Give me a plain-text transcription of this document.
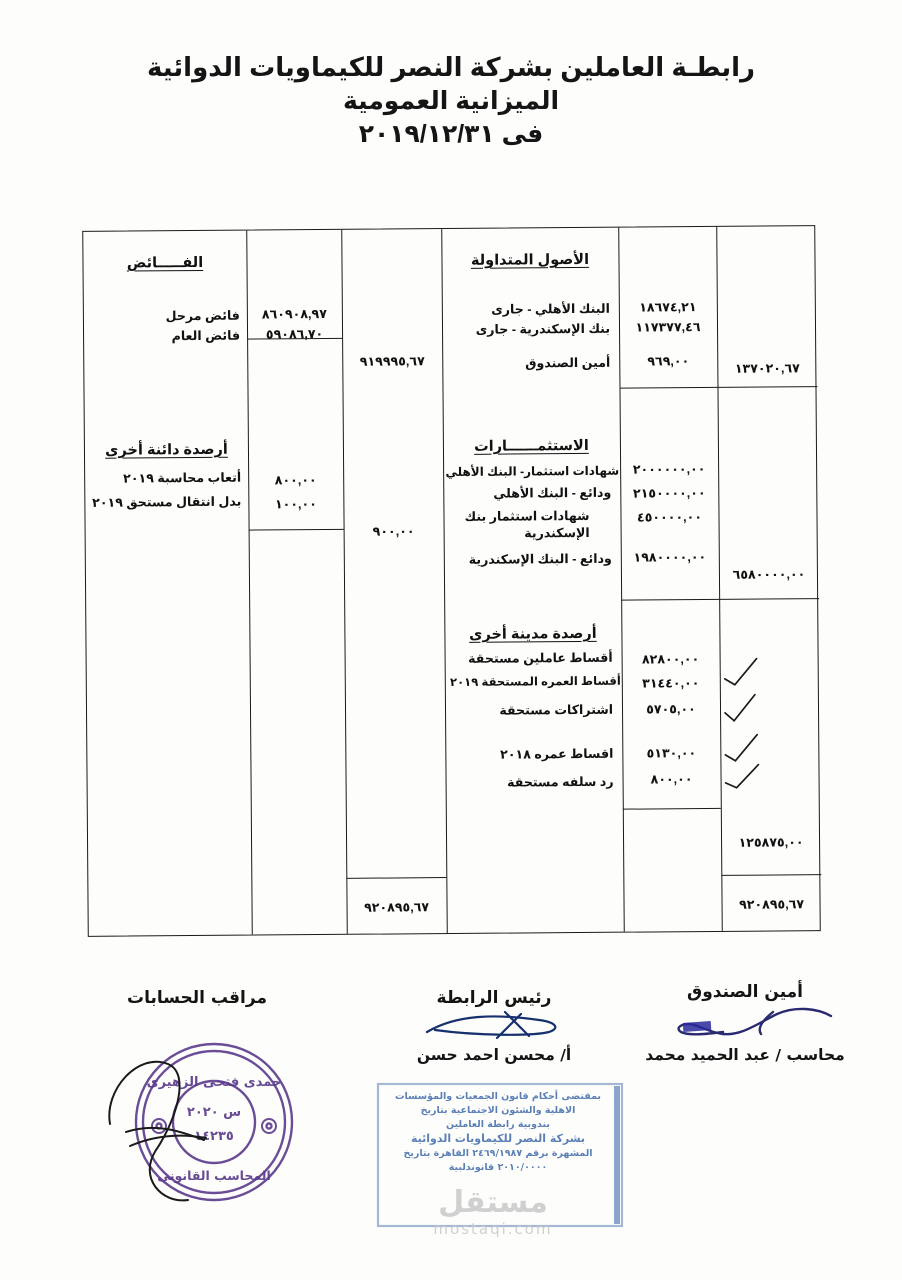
رابطـة العاملين بشركة النصر للكيماويات الدوائية
الميزانية العمومية
فى ٢٠١٩/١٢/٣١
الأصول المتداولة
البنك الأهلي - جارى
بنك الإسكندرية - جارى
أمين الصندوق
١٨٦٧٤,٢١
١١٧٣٧٧,٤٦
٩٦٩,٠٠	١٣٧٠٢٠,٦٧
الاستثمــــــارات
شهادات استثمار- البنك الأهلي
ودائع - البنك الأهلي
شهادات استثمار بنك الإسكندرية
ودائع - البنك الإسكندرية
٢٠٠٠٠٠٠,٠٠
٢١٥٠٠٠٠,٠٠
٤٥٠٠٠٠,٠٠
١٩٨٠٠٠٠,٠٠
٦٥٨٠٠٠٠,٠٠
أرصدة مدينة أخرى
أقساط عاملين مستحقة
أقساط العمره المستحقة ٢٠١٩
اشتراكات مستحقة
اقساط عمره ٢٠١٨
رد سلفه مستحقة
٨٢٨٠٠,٠٠
٣١٤٤٠,٠٠
٥٧٠٥,٠٠
٥١٣٠,٠٠
٨٠٠,٠٠
١٢٥٨٧٥,٠٠
الفـــــائض
فائض مرحل
فائض العام
٨٦٠٩٠٨,٩٧
٥٩٠٨٦,٧٠
٩١٩٩٩٥,٦٧
أرصدة دائنة أخرى
أتعاب محاسبة ٢٠١٩
بدل انتقال مستحق ٢٠١٩
٨٠٠,٠٠
١٠٠,٠٠
٩٠٠,٠٠
٩٢٠٨٩٥,٦٧	٩٢٠٨٩٥,٦٧
مراقب الحسابات
حمدى فتحى الزهيرى
س ٢٠٢٠
١٤٢٣٥
المحاسب القانونى
رئيس الرابطة
أ/ محسن احمد حسن
بمقتضى أحكام قانون الجمعيات والمؤسسات
الاهلية والشئون الاجتماعية بتاريخ
بندوبية رابطة العاملين
بشركة النصر للكيماويات الدوائية
المشهرة برقم ٢٤٦٩/١٩٨٧ القاهرة بتاريخ
٢٠١٠/٠٠٠٠ قانوندلبية
أمين الصندوق
محاسب / عبد الحميد محمد
مستقل
mostaqi.com
